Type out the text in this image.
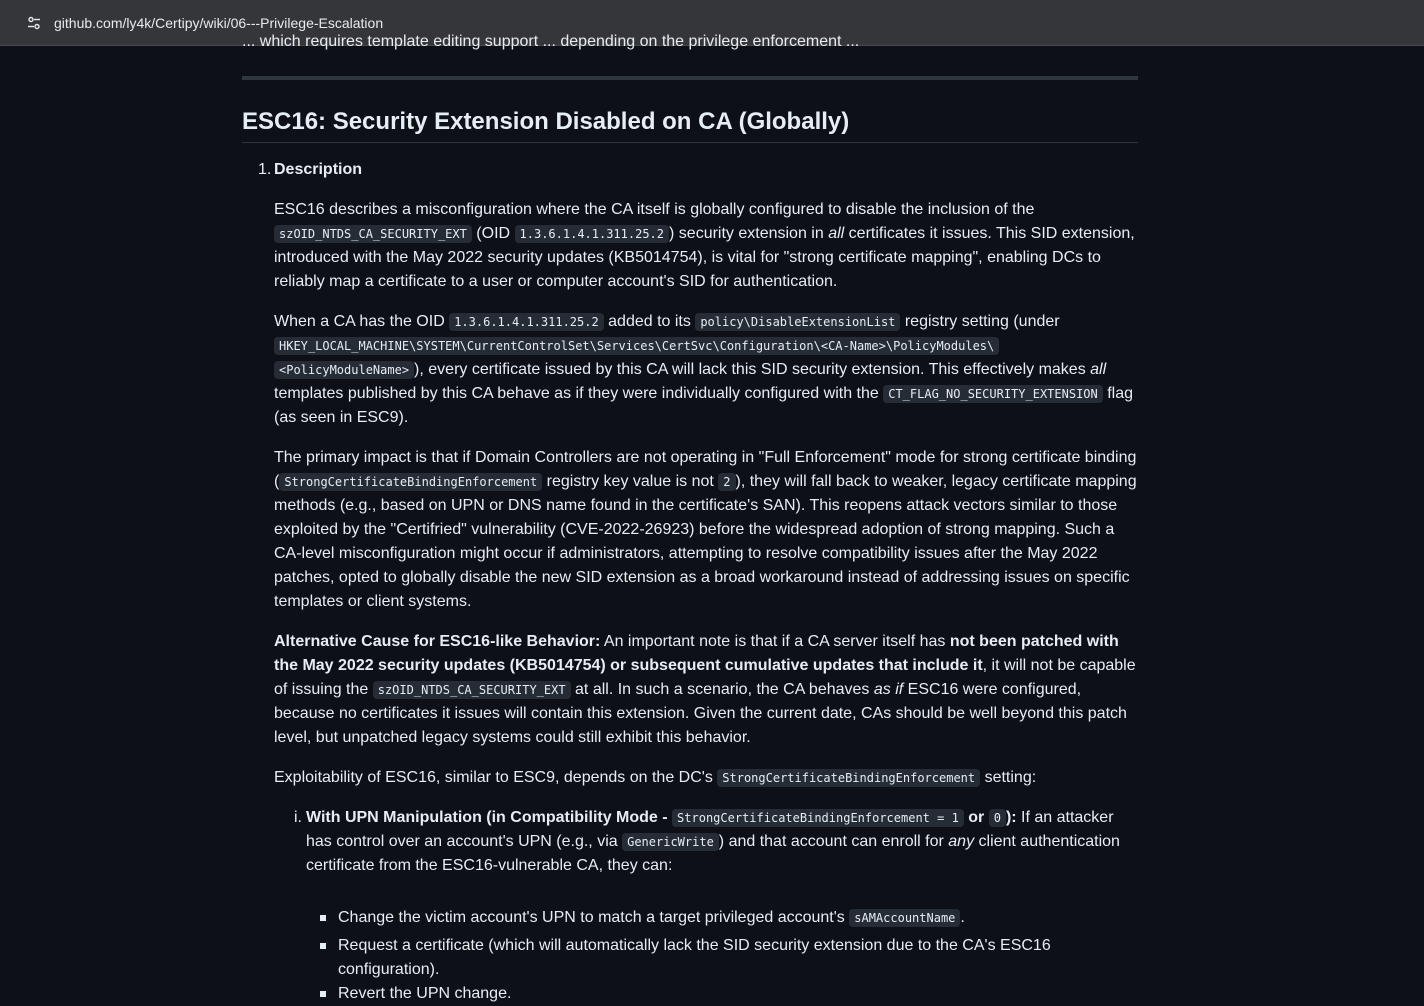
github.com/ly4k/Certipy/wiki/06---Privilege-Escalation
... which requires template editing support ... depending on the privilege enforcement ...
ESC16: Security Extension Disabled on CA (Globally)
1. Description
ESC16 describes a misconfiguration where the CA itself is globally configured to disable the inclusion of the szOID_NTDS_CA_SECURITY_EXT (OID 1.3.6.1.4.1.311.25.2 ) security extension in all certificates it issues. This SID extension, introduced with the May 2022 security updates (KB5014754), is vital for "strong certificate mapping", enabling DCs to reliably map a certificate to a user or computer account's SID for authentication.
When a CA has the OID 1.3.6.1.4.1.311.25.2 added to its policy\DisableExtensionList registry setting (under HKEY_LOCAL_MACHINE\SYSTEM\CurrentControlSet\Services\CertSvc\Configuration\<CA-Name>\PolicyModules\ <PolicyModuleName> ), every certificate issued by this CA will lack this SID security extension. This effectively makes all templates published by this CA behave as if they were individually configured with the CT_FLAG_NO_SECURITY_EXTENSION flag (as seen in ESC9).
The primary impact is that if Domain Controllers are not operating in "Full Enforcement" mode for strong certificate binding ( StrongCertificateBindingEnforcement registry key value is not 2 ), they will fall back to weaker, legacy certificate mapping methods (e.g., based on UPN or DNS name found in the certificate's SAN). This reopens attack vectors similar to those exploited by the "Certifried" vulnerability (CVE-2022-26923) before the widespread adoption of strong mapping. Such a CA-level misconfiguration might occur if administrators, attempting to resolve compatibility issues after the May 2022 patches, opted to globally disable the new SID extension as a broad workaround instead of addressing issues on specific templates or client systems.
Alternative Cause for ESC16-like Behavior: An important note is that if a CA server itself has not been patched with the May 2022 security updates (KB5014754) or subsequent cumulative updates that include it, it will not be capable of issuing the szOID_NTDS_CA_SECURITY_EXT at all. In such a scenario, the CA behaves as if ESC16 were configured, because no certificates it issues will contain this extension. Given the current date, CAs should be well beyond this patch level, but unpatched legacy systems could still exhibit this behavior.
Exploitability of ESC16, similar to ESC9, depends on the DC's StrongCertificateBindingEnforcement setting:
i. With UPN Manipulation (in Compatibility Mode - StrongCertificateBindingEnforcement = 1 or 0 ): If an attacker has control over an account's UPN (e.g., via GenericWrite ) and that account can enroll for any client authentication certificate from the ESC16-vulnerable CA, they can:
Change the victim account's UPN to match a target privileged account's sAMAccountName .
Request a certificate (which will automatically lack the SID security extension due to the CA's ESC16 configuration).
Revert the UPN change.
